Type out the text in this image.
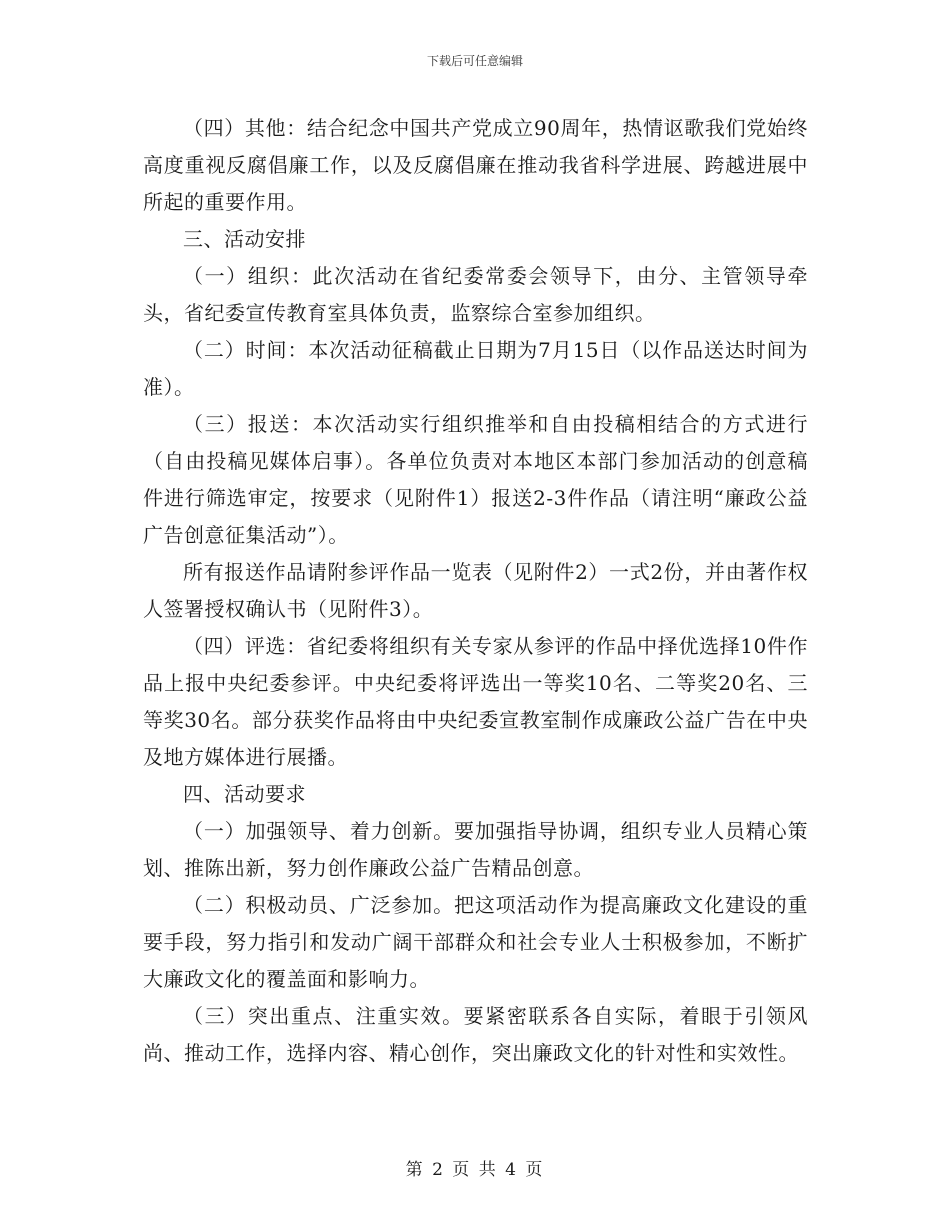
下载后可任意编辑

（四）其他：结合纪念中国共产党成立90周年，热情讴歌我们党始终高度重视反腐倡廉工作，以及反腐倡廉在推动我省科学进展、跨越进展中所起的重要作用。

三、活动安排

（一）组织：此次活动在省纪委常委会领导下，由分、主管领导牵头，省纪委宣传教育室具体负责，监察综合室参加组织。

（二）时间：本次活动征稿截止日期为7月15日（以作品送达时间为准）。

（三）报送：本次活动实行组织推举和自由投稿相结合的方式进行（自由投稿见媒体启事）。各单位负责对本地区本部门参加活动的创意稿件进行筛选审定，按要求（见附件1）报送2-3件作品（请注明“廉政公益广告创意征集活动”）。

所有报送作品请附参评作品一览表（见附件2）一式2份，并由著作权人签署授权确认书（见附件3）。

（四）评选：省纪委将组织有关专家从参评的作品中择优选择10件作品上报中央纪委参评。中央纪委将评选出一等奖10名、二等奖20名、三等奖30名。部分获奖作品将由中央纪委宣教室制作成廉政公益广告在中央及地方媒体进行展播。

四、活动要求

（一）加强领导、着力创新。要加强指导协调，组织专业人员精心策划、推陈出新，努力创作廉政公益广告精品创意。

（二）积极动员、广泛参加。把这项活动作为提高廉政文化建设的重要手段，努力指引和发动广阔干部群众和社会专业人士积极参加，不断扩大廉政文化的覆盖面和影响力。

（三）突出重点、注重实效。要紧密联系各自实际，着眼于引领风尚、推动工作，选择内容、精心创作，突出廉政文化的针对性和实效性。

第 2 页 共 4 页
